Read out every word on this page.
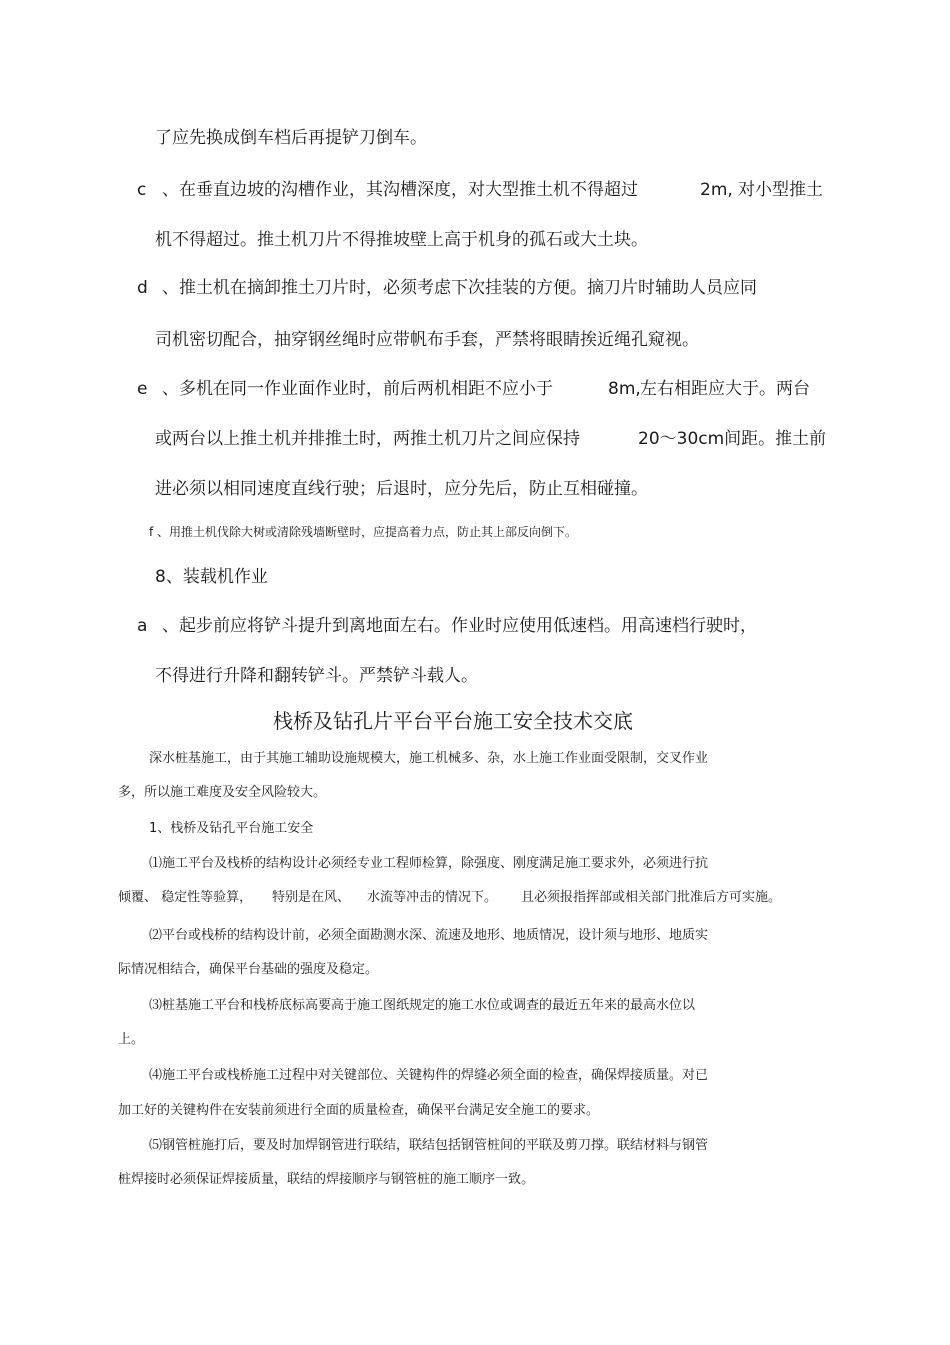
了应先换成倒车档后再提铲刀倒车。
c 、在垂直边坡的沟槽作业，其沟槽深度，对大型推土机不得超过	2m, 对小型推土
机不得超过。推土机刀片不得推坡壁上高于机身的孤石或大土块。
d 、推土机在摘卸推土刀片时，必须考虑下次挂装的方便。摘刀片时辅助人员应同
司机密切配合，抽穿钢丝绳时应带帆布手套，严禁将眼睛挨近绳孔窥视。
e 、多机在同一作业面作业时，前后两机相距不应小于	8m, 左右相距应大于。两台
或两台以上推土机并排推土时，两推土机刀片之间应保持	20～30cm间距。推土前
进必须以相同速度直线行驶；后退时，应分先后，防止互相碰撞。
f 、用推土机伐除大树或清除残墙断壁时，应提高着力点，防止其上部反向倒下。
8、装载机作业
a 、起步前应将铲斗提升到离地面左右。作业时应使用低速档。用高速档行驶时，
不得进行升降和翻转铲斗。严禁铲斗载人。
栈桥及钻孔片平台平台施工安全技术交底
深水桩基施工，由于其施工辅助设施规模大，施工机械多、杂，水上施工作业面受限制，交叉作业
多，所以施工难度及安全风险较大。
1、栈桥及钻孔平台施工安全
⑴施工平台及栈桥的结构设计必须经专业工程师检算，除强度、刚度满足施工要求外，必须进行抗
倾覆、 稳定性等验算， 特别是在风、 水流等冲击的情况下。 且必须报指挥部或相关部门批准后方可实施。
⑵平台或栈桥的结构设计前，必须全面勘测水深、流速及地形、地质情况，设计须与地形、地质实
际情况相结合，确保平台基础的强度及稳定。
⑶桩基施工平台和栈桥底标高要高于施工图纸规定的施工水位或调查的最近五年来的最高水位以
上。
⑷施工平台或栈桥施工过程中对关键部位、关键构件的焊缝必须全面的检查，确保焊接质量。对已
加工好的关键构件在安装前须进行全面的质量检查，确保平台满足安全施工的要求。
⑸钢管桩施打后，要及时加焊钢管进行联结，联结包括钢管桩间的平联及剪刀撑。联结材料与钢管
桩焊接时必须保证焊接质量，联结的焊接顺序与钢管桩的施工顺序一致。
